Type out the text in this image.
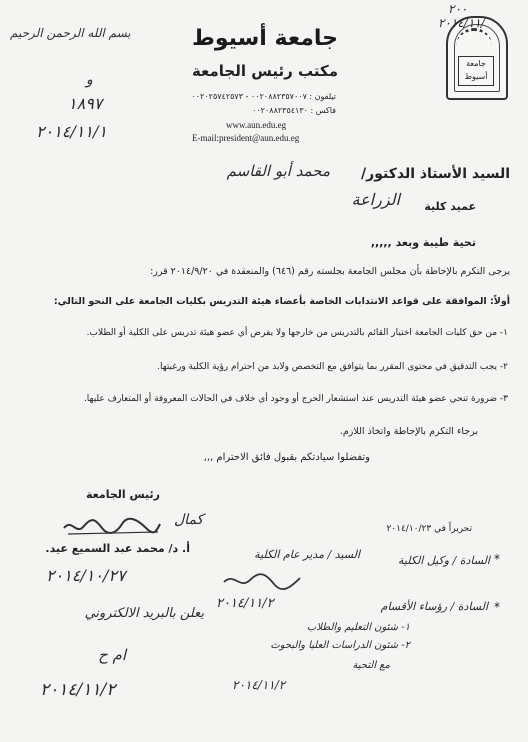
بسم الله الرحمن الرحيم
جامعة
أسيوط
٢٠٠
٢٠١٤/١١/
جامعة أسيوط
مكتب رئيس الجامعة
تيلفون : ٠٠٢٠٨٨٢٣٥٧٠٠٧ - ٠٠٢٠٢٥٧٤٢٥٧٣
فاكس : ٠٠٢٠٨٨٢٣٥٤١٣٠
www.aun.edu.eg
E-mail:president@aun.edu.eg
و
١٨٩٧
٢٠١٤/١١/١
السيد الأستاذ الدكتور/
محمد أبو القاسم
عميد كلية
الزراعة
تحية طيبة وبعد ,,,,,
يرجى التكرم بالإحاطة بأن مجلس الجامعة بجلسته رقم (٦٤٦) والمنعقدة في ٢٠١٤/٩/٢٠ قرر:
أولاً: الموافقة على قواعد الانتدابات الخاصة بأعضاء هيئة التدريس بكليات الجامعة على النحو التالي:
١- من حق كليات الجامعة اختيار القائم بالتدريس من خارجها ولا يفرض أي عضو هيئة تدريس على الكلية أو الطلاب.
٢- يجب التدقيق في محتوى المقرر بما يتوافق مع التخصص ولابد من احترام رؤية الكلية ورغبتها.
٣- ضرورة تنحي عضو هيئة التدريس عند استشعار الحرج أو وجود أي خلاف في الحالات المعروفة أو المتعارف عليها.
برجاء التكرم بالإحاطة واتخاذ اللازم.
وتفضلوا سيادتكم بقبول فائق الاحترام ,,,
رئيس الجامعة
كمال
أ. د/ محمد عبد السميع عيد.
٢٠١٤/١٠/٢٧
تحريراً في ٢٠١٤/١٠/٢٣
السادة / وكيل الكلية
السيد / مدير عام الكلية
٢٠١٤/١١/٢	السادة / رؤساء الأقسام
١- شئون التعليم والطلاب
٢- شئون الدراسات العليا والبحوث
مع التحية
٢٠١٤/١١/٢
يعلن بالبريد الالكتروني
ام ح
٢٠١٤/١١/٢
*
*
